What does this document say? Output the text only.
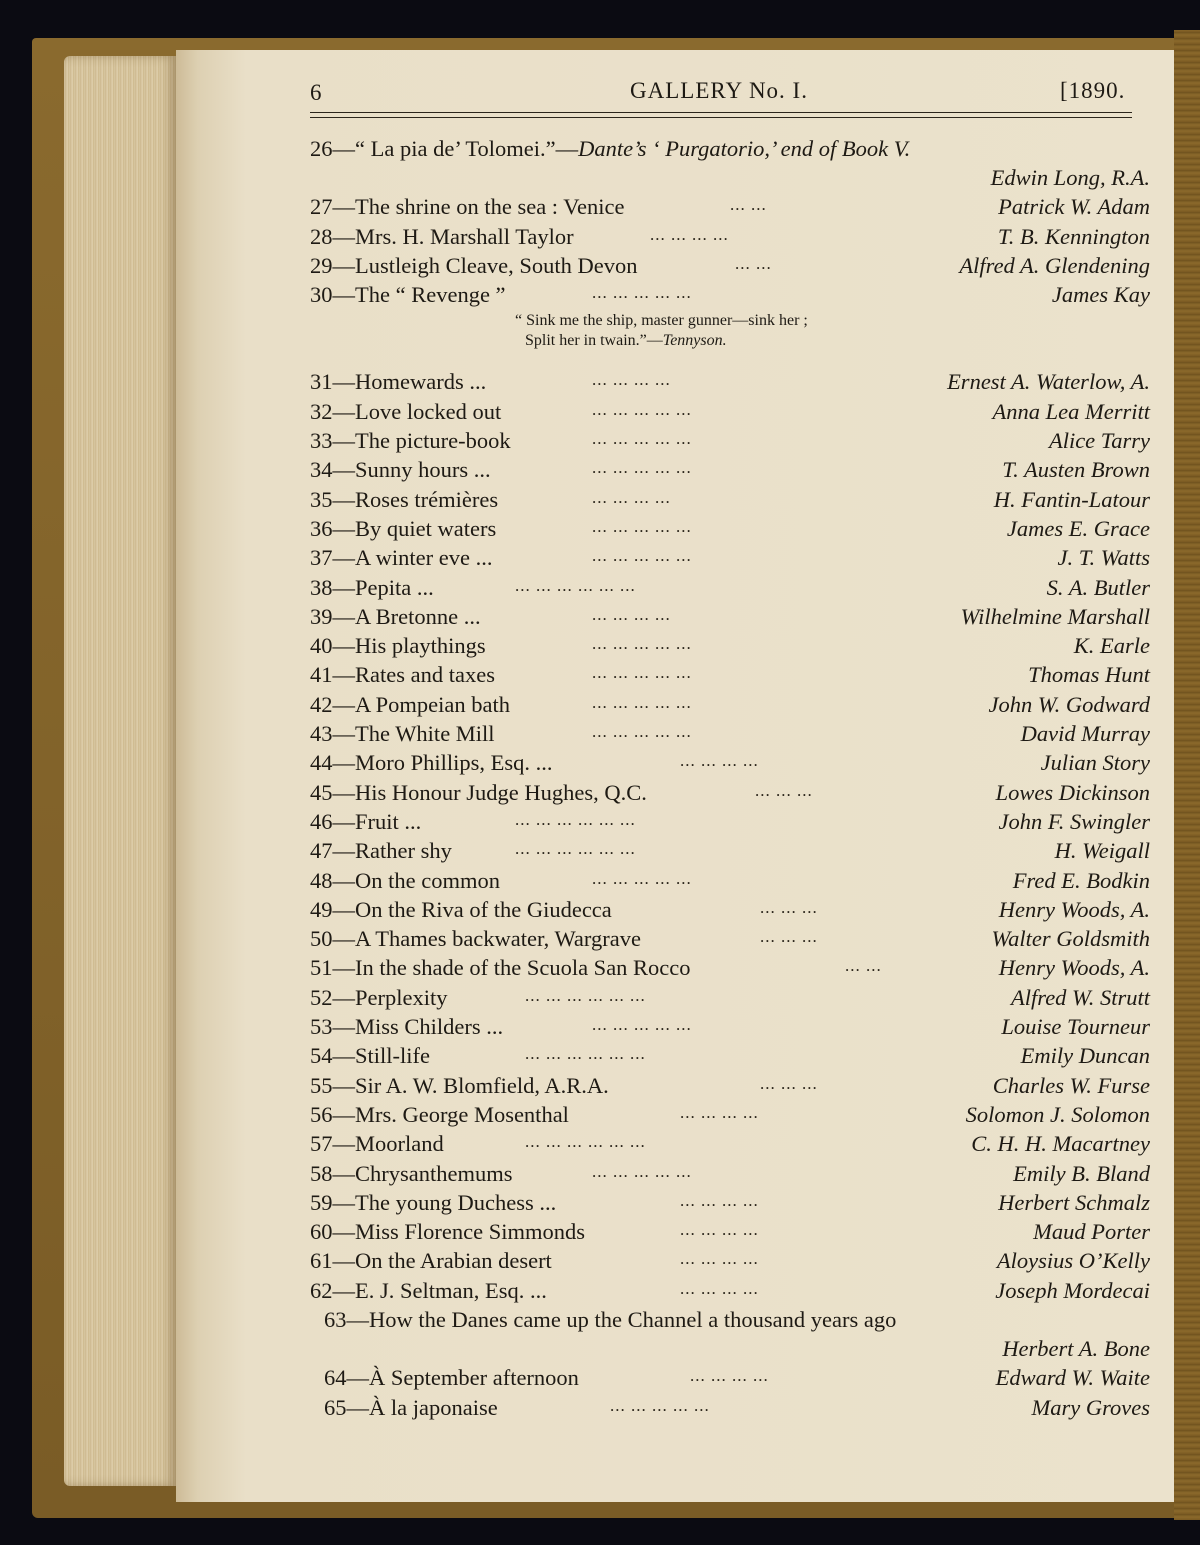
6	GALLERY No. I.	[1890.
26—“ La pia de’ Tolomei.”—Dante’s ‘ Purgatorio,’ end of Book V.
Edwin Long, R.A.
27—The shrine on the sea : Venice	... ...	Patrick W. Adam
28—Mrs. H. Marshall Taylor	... ... ... ...	T. B. Kennington
29—Lustleigh Cleave, South Devon	... ...	Alfred A. Glendening
30—The “ Revenge ”	... ... ... ... ...	James Kay
“ Sink me the ship, master gunner—sink her ;
Split her in twain.”—Tennyson.
31—Homewards ...	... ... ... ...	Ernest A. Waterlow, A.
32—Love locked out	... ... ... ... ...	Anna Lea Merritt
33—The picture-book	... ... ... ... ...	Alice Tarry
34—Sunny hours ...	... ... ... ... ...	T. Austen Brown
35—Roses trémières	... ... ... ...	H. Fantin-Latour
36—By quiet waters	... ... ... ... ...	James E. Grace
37—A winter eve ...	... ... ... ... ...	J. T. Watts
38—Pepita ...	... ... ... ... ... ...	S. A. Butler
39—A Bretonne ...	... ... ... ...	Wilhelmine Marshall
40—His playthings	... ... ... ... ...	K. Earle
41—Rates and taxes	... ... ... ... ...	Thomas Hunt
42—A Pompeian bath	... ... ... ... ...	John W. Godward
43—The White Mill	... ... ... ... ...	David Murray
44—Moro Phillips, Esq. ...	... ... ... ...	Julian Story
45—His Honour Judge Hughes, Q.C.	... ... ...	Lowes Dickinson
46—Fruit ...	... ... ... ... ... ...	John F. Swingler
47—Rather shy	... ... ... ... ... ...	H. Weigall
48—On the common	... ... ... ... ...	Fred E. Bodkin
49—On the Riva of the Giudecca	... ... ...	Henry Woods, A.
50—A Thames backwater, Wargrave	... ... ...	Walter Goldsmith
51—In the shade of the Scuola San Rocco	... ...	Henry Woods, A.
52—Perplexity	... ... ... ... ... ...	Alfred W. Strutt
53—Miss Childers ...	... ... ... ... ...	Louise Tourneur
54—Still-life	... ... ... ... ... ...	Emily Duncan
55—Sir A. W. Blomfield, A.R.A.	... ... ...	Charles W. Furse
56—Mrs. George Mosenthal	... ... ... ...	Solomon J. Solomon
57—Moorland	... ... ... ... ... ...	C. H. H. Macartney
58—Chrysanthemums	... ... ... ... ...	Emily B. Bland
59—The young Duchess ...	... ... ... ...	Herbert Schmalz
60—Miss Florence Simmonds	... ... ... ...	Maud Porter
61—On the Arabian desert	... ... ... ...	Aloysius O’Kelly
62—E. J. Seltman, Esq. ...	... ... ... ...	Joseph Mordecai
63—How the Danes came up the Channel a thousand years ago
Herbert A. Bone
64—À September afternoon	... ... ... ...	Edward W. Waite
65—À la japonaise	... ... ... ... ...	Mary Groves
